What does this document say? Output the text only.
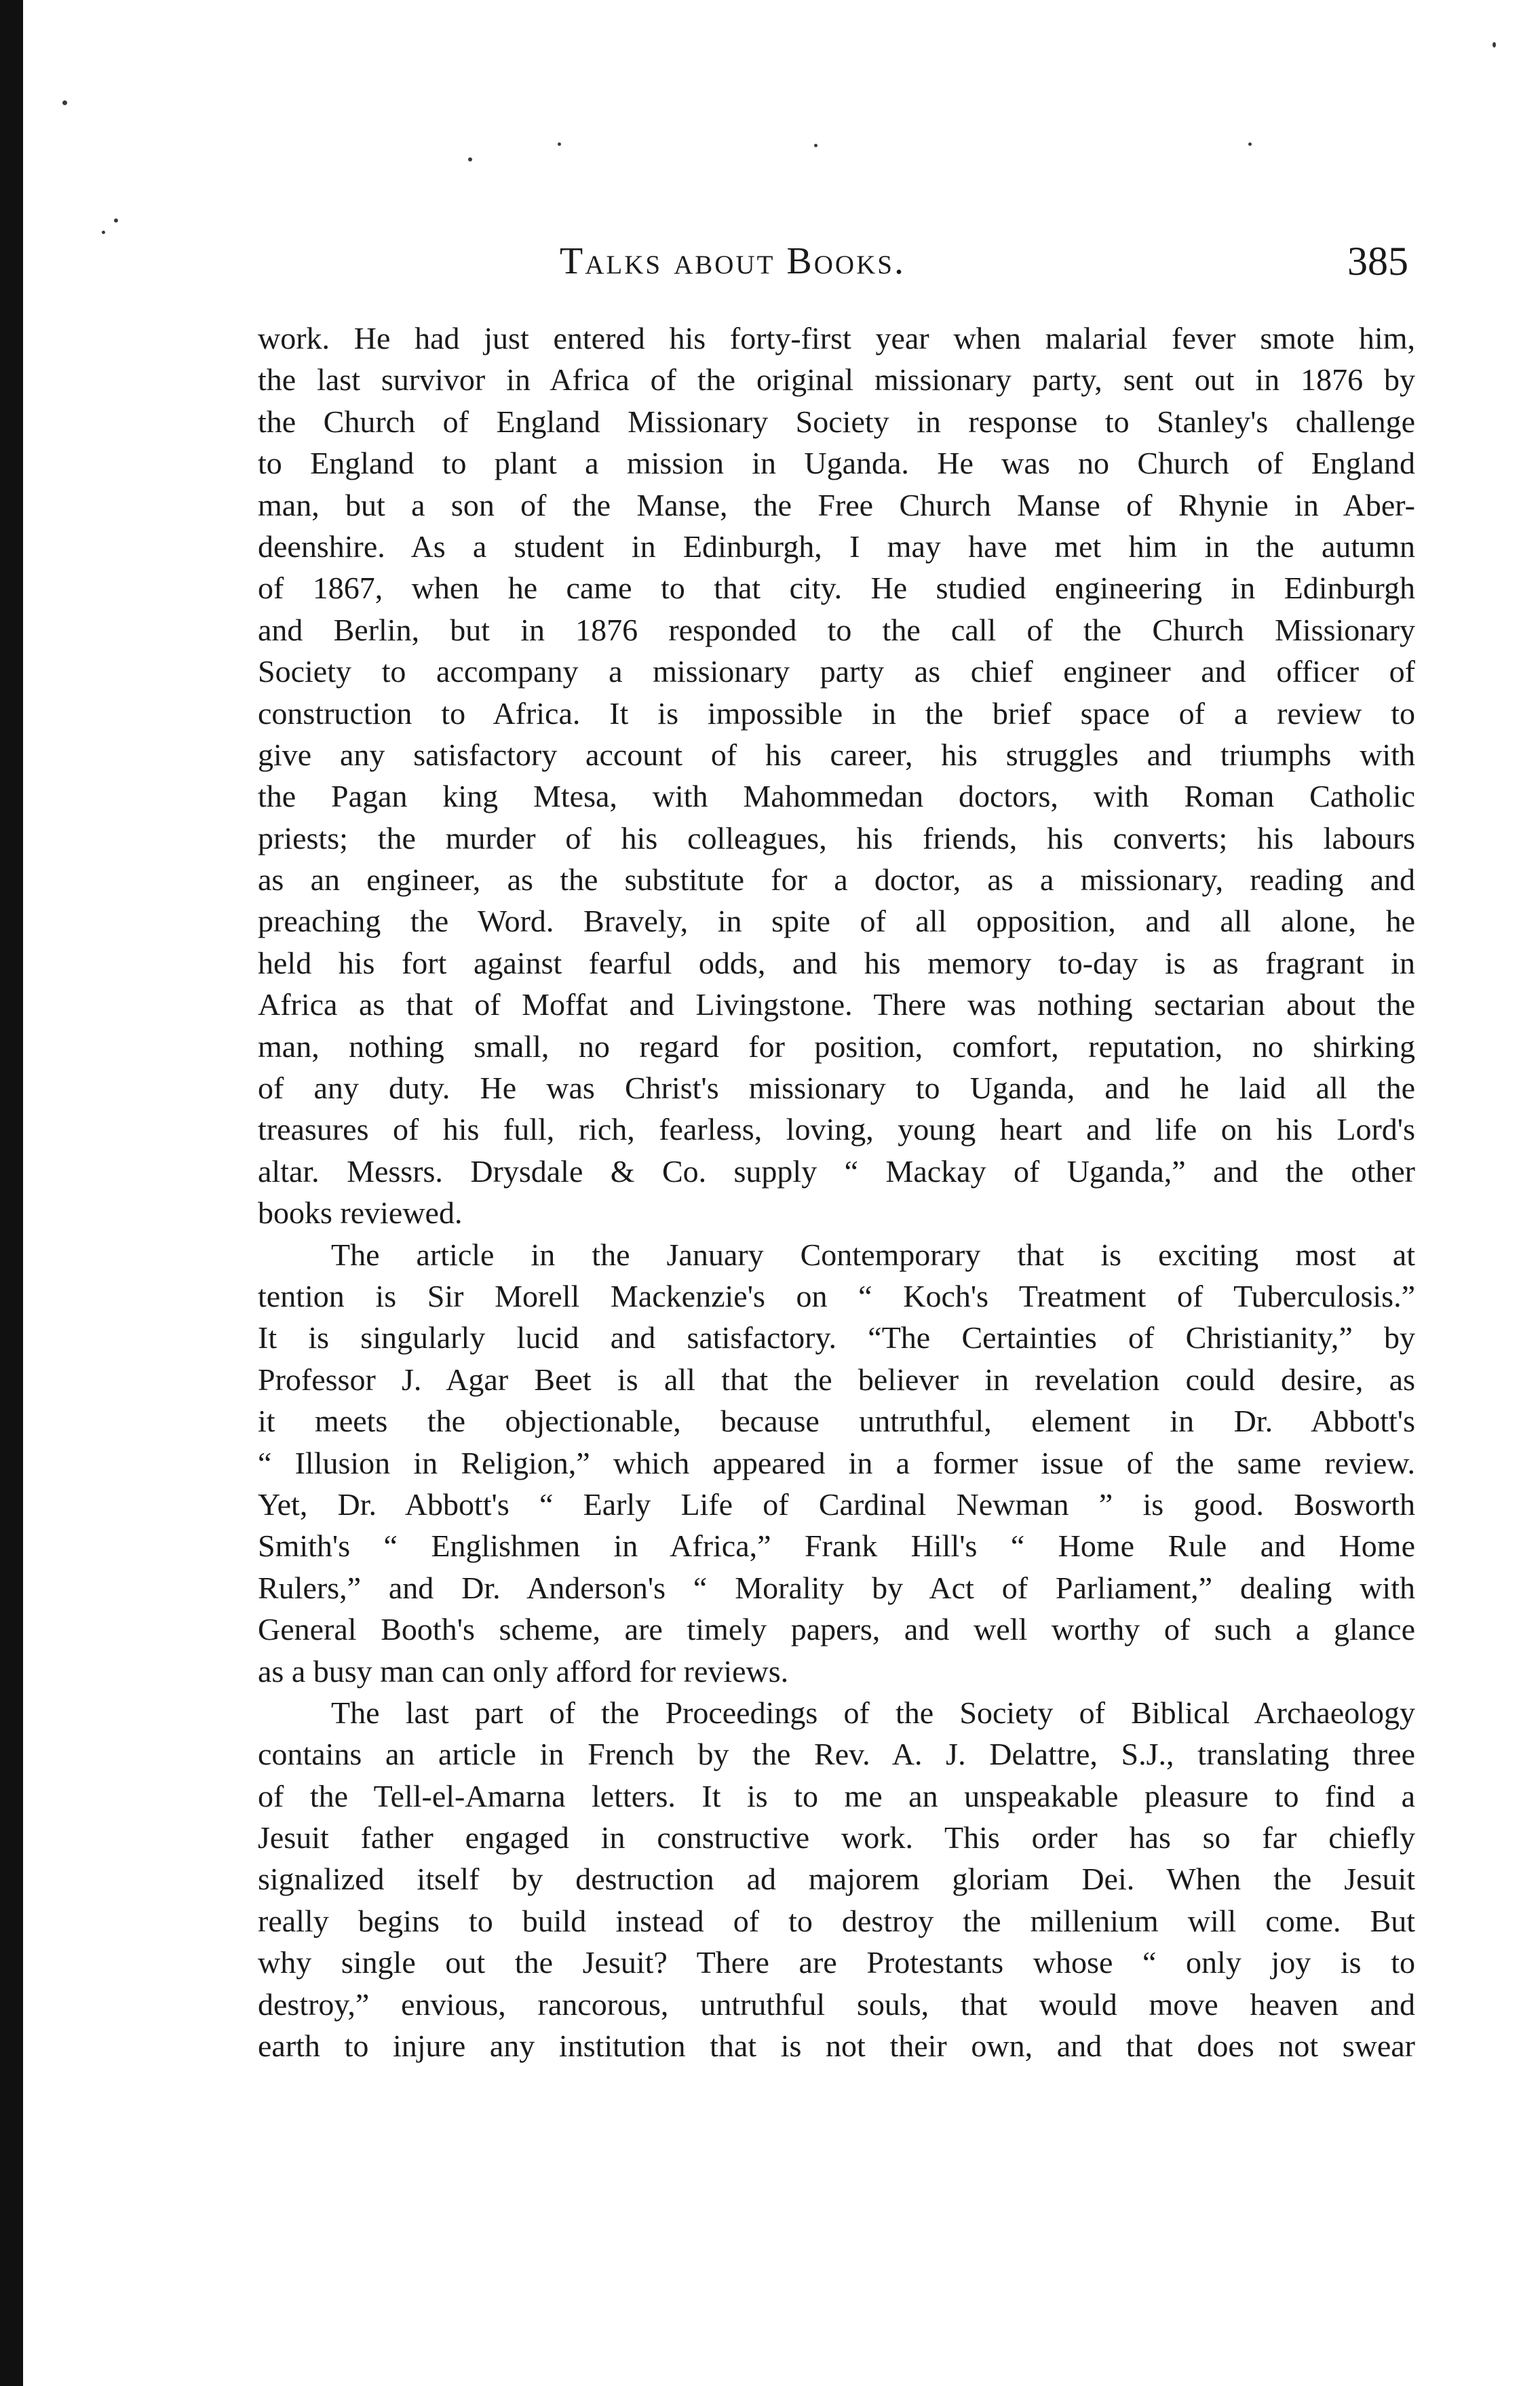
Talks about Books.	385
work. He had just entered his forty-first year when malarial fever smote him,
the last survivor in Africa of the original missionary party, sent out in 1876 by
the Church of England Missionary Society in response to Stanley's challenge
to England to plant a mission in Uganda. He was no Church of England
man, but a son of the Manse, the Free Church Manse of Rhynie in Aber-
deenshire. As a student in Edinburgh, I may have met him in the autumn
of 1867, when he came to that city. He studied engineering in Edinburgh
and Berlin, but in 1876 responded to the call of the Church Missionary
Society to accompany a missionary party as chief engineer and officer of
construction to Africa. It is impossible in the brief space of a review to
give any satisfactory account of his career, his struggles and triumphs with
the Pagan king Mtesa, with Mahommedan doctors, with Roman Catholic
priests; the murder of his colleagues, his friends, his converts; his labours
as an engineer, as the substitute for a doctor, as a missionary, reading and
preaching the Word. Bravely, in spite of all opposition, and all alone, he
held his fort against fearful odds, and his memory to-day is as fragrant in
Africa as that of Moffat and Livingstone. There was nothing sectarian about the
man, nothing small, no regard for position, comfort, reputation, no shirking
of any duty. He was Christ's missionary to Uganda, and he laid all the
treasures of his full, rich, fearless, loving, young heart and life on his Lord's
altar. Messrs. Drysdale & Co. supply “ Mackay of Uganda,” and the other
books reviewed.
The article in the January Contemporary that is exciting most at
tention is Sir Morell Mackenzie's on “ Koch's Treatment of Tuberculosis.”
It is singularly lucid and satisfactory. “The Certainties of Christianity,” by
Professor J. Agar Beet is all that the believer in revelation could desire, as
it meets the objectionable, because untruthful, element in Dr. Abbott's
“ Illusion in Religion,” which appeared in a former issue of the same review.
Yet, Dr. Abbott's “ Early Life of Cardinal Newman ” is good. Bosworth
Smith's “ Englishmen in Africa,” Frank Hill's “ Home Rule and Home
Rulers,” and Dr. Anderson's “ Morality by Act of Parliament,” dealing with
General Booth's scheme, are timely papers, and well worthy of such a glance
as a busy man can only afford for reviews.
The last part of the Proceedings of the Society of Biblical Archaeology
contains an article in French by the Rev. A. J. Delattre, S.J., translating three
of the Tell-el-Amarna letters. It is to me an unspeakable pleasure to find a
Jesuit father engaged in constructive work. This order has so far chiefly
signalized itself by destruction ad majorem gloriam Dei. When the Jesuit
really begins to build instead of to destroy the millenium will come. But
why single out the Jesuit? There are Protestants whose “ only joy is to
destroy,” envious, rancorous, untruthful souls, that would move heaven and
earth to injure any institution that is not their own, and that does not swear
